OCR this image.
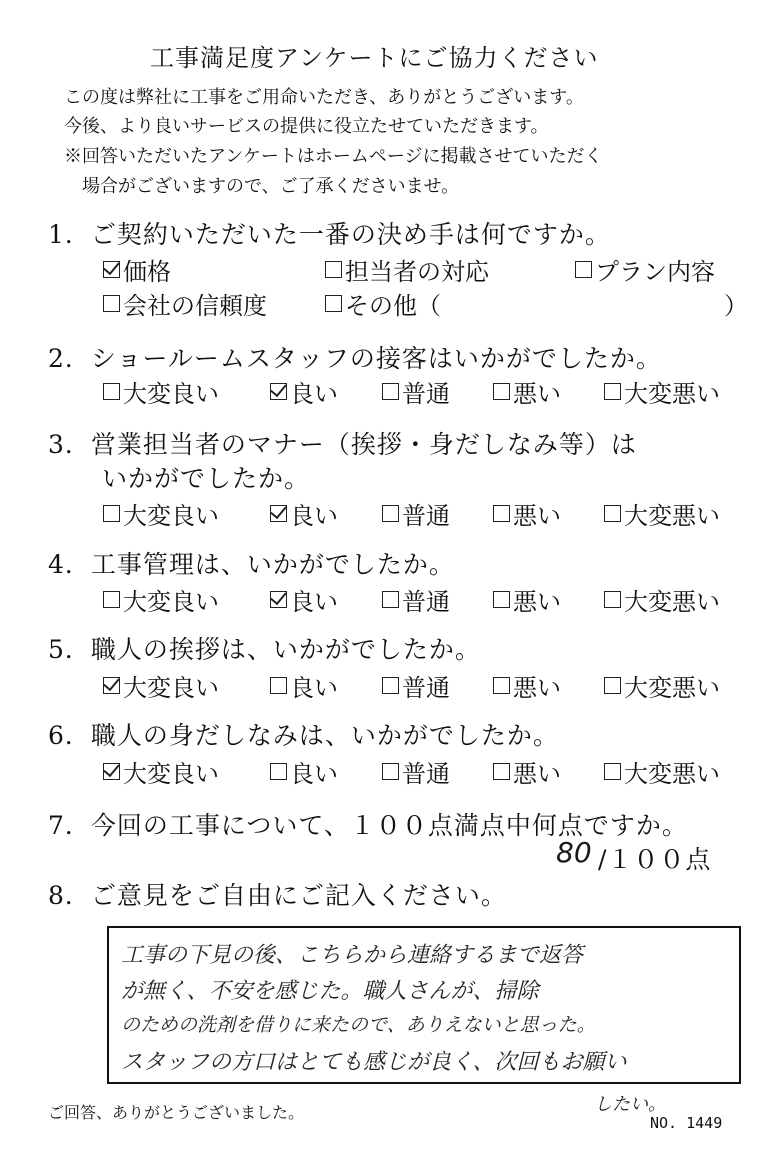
工事満足度アンケートにご協力ください
この度は弊社に工事をご用命いただき、ありがとうございます。
今後、より良いサービスの提供に役立たせていただきます。
※回答いただいたアンケートはホームページに掲載させていただく
場合がございますので、ご了承くださいませ。
1．ご契約いただいた一番の決め手は何ですか。
価格	担当者の対応	プラン内容
会社の信頼度	その他（	）
2．ショールームスタッフの接客はいかがでしたか。
大変良い	良い	普通	悪い	大変悪い
3．営業担当者のマナー（挨拶・身だしなみ等）は
いかがでしたか。
大変良い	良い	普通	悪い	大変悪い
4．工事管理は、いかがでしたか。
大変良い	良い	普通	悪い	大変悪い
5．職人の挨拶は、いかがでしたか。
大変良い	良い	普通	悪い	大変悪い
6．職人の身だしなみは、いかがでしたか。
大変良い	良い	普通	悪い	大変悪い
7．今回の工事について、１００点満点中何点ですか。
80 /１００点
8．ご意見をご自由にご記入ください。
工事の下見の後、こちらから連絡するまで返答
が無く、不安を感じた。職人さんが、掃除
のための洗剤を借りに来たので、ありえないと思った。
スタッフの方口はとても感じが良く、次回もお願い
したい。
ご回答、ありがとうございました。
NO. 1449
